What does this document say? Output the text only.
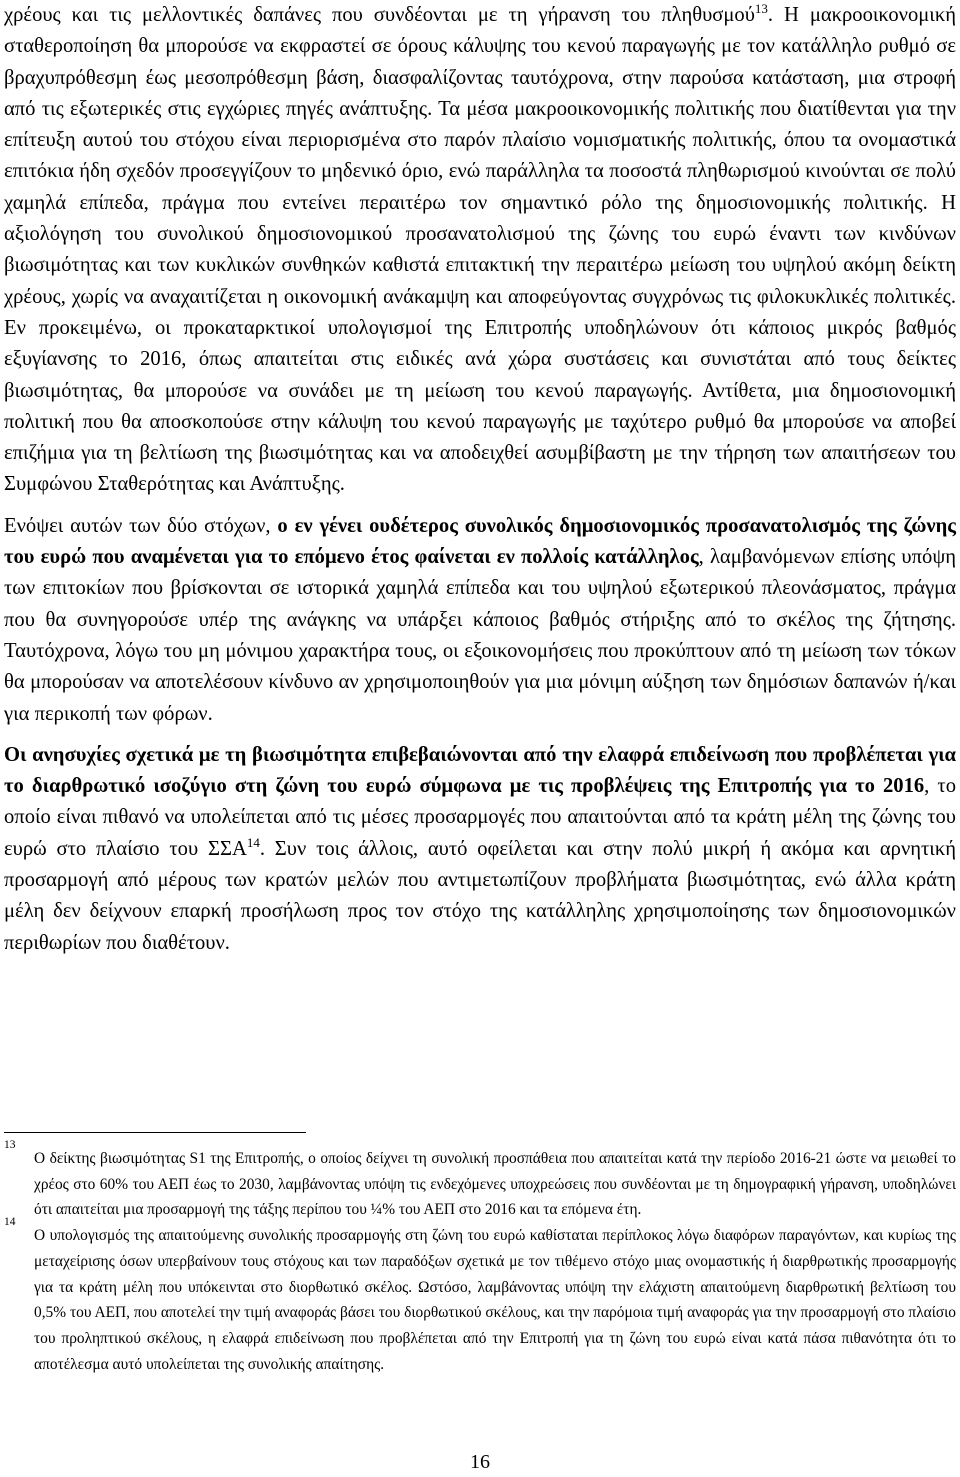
χρέους και τις μελλοντικές δαπάνες που συνδέονται με τη γήρανση του πληθυσμού$^{13}$. Η μακροοικονομική σταθεροποίηση θα μπορούσε να εκφραστεί σε όρους κάλυψης του κενού παραγωγής με τον κατάλληλο ρυθμό σε βραχυπρόθεσμη έως μεσοπρόθεσμη βάση, διασφαλίζοντας ταυτόχρονα, στην παρούσα κατάσταση, μια στροφή από τις εξωτερικές στις εγχώριες πηγές ανάπτυξης. Τα μέσα μακροοικονομικής πολιτικής που διατίθενται για την επίτευξη αυτού του στόχου είναι περιορισμένα στο παρόν πλαίσιο νομισματικής πολιτικής, όπου τα ονομαστικά επιτόκια ήδη σχεδόν προσεγγίζουν το μηδενικό όριο, ενώ παράλληλα τα ποσοστά πληθωρισμού κινούνται σε πολύ χαμηλά επίπεδα, πράγμα που εντείνει περαιτέρω τον σημαντικό ρόλο της δημοσιονομικής πολιτικής. Η αξιολόγηση του συνολικού δημοσιονομικού προσανατολισμού της ζώνης του ευρώ έναντι των κινδύνων βιωσιμότητας και των κυκλικών συνθηκών καθιστά επιτακτική την περαιτέρω μείωση του υψηλού ακόμη δείκτη χρέους, χωρίς να αναχαιτίζεται η οικονομική ανάκαμψη και αποφεύγοντας συγχρόνως τις φιλοκυκλικές πολιτικές. Εν προκειμένω, οι προκαταρκτικοί υπολογισμοί της Επιτροπής υποδηλώνουν ότι κάποιος μικρός βαθμός εξυγίανσης το 2016, όπως απαιτείται στις ειδικές ανά χώρα συστάσεις και συνιστάται από τους δείκτες βιωσιμότητας, θα μπορούσε να συνάδει με τη μείωση του κενού παραγωγής. Αντίθετα, μια δημοσιονομική πολιτική που θα αποσκοπούσε στην κάλυψη του κενού παραγωγής με ταχύτερο ρυθμό θα μπορούσε να αποβεί επιζήμια για τη βελτίωση της βιωσιμότητας και να αποδειχθεί ασυμβίβαστη με την τήρηση των απαιτήσεων του Συμφώνου Σταθερότητας και Ανάπτυξης.

Ενόψει αυτών των δύο στόχων, ο εν γένει ουδέτερος συνολικός δημοσιονομικός προσανατολισμός της ζώνης του ευρώ που αναμένεται για το επόμενο έτος φαίνεται εν πολλοίς κατάλληλος, λαμβανόμενων επίσης υπόψη των επιτοκίων που βρίσκονται σε ιστορικά χαμηλά επίπεδα και του υψηλού εξωτερικού πλεονάσματος, πράγμα που θα συνηγορούσε υπέρ της ανάγκης να υπάρξει κάποιος βαθμός στήριξης από το σκέλος της ζήτησης. Ταυτόχρονα, λόγω του μη μόνιμου χαρακτήρα τους, οι εξοικονομήσεις που προκύπτουν από τη μείωση των τόκων θα μπορούσαν να αποτελέσουν κίνδυνο αν χρησιμοποιηθούν για μια μόνιμη αύξηση των δημόσιων δαπανών ή/και για περικοπή των φόρων.

Οι ανησυχίες σχετικά με τη βιωσιμότητα επιβεβαιώνονται από την ελαφρά επιδείνωση που προβλέπεται για το διαρθρωτικό ισοζύγιο στη ζώνη του ευρώ σύμφωνα με τις προβλέψεις της Επιτροπής για το 2016, το οποίο είναι πιθανό να υπολείπεται από τις μέσες προσαρμογές που απαιτούνται από τα κράτη μέλη της ζώνης του ευρώ στο πλαίσιο του ΣΣΑ$^{14}$. Συν τοις άλλοις, αυτό οφείλεται και στην πολύ μικρή ή ακόμα και αρνητική προσαρμογή από μέρους των κρατών μελών που αντιμετωπίζουν προβλήματα βιωσιμότητας, ενώ άλλα κράτη μέλη δεν δείχνουν επαρκή προσήλωση προς τον στόχο της κατάλληλης χρησιμοποίησης των δημοσιονομικών περιθωρίων που διαθέτουν.

13
Ο δείκτης βιωσιμότητας S1 της Επιτροπής, ο οποίος δείχνει τη συνολική προσπάθεια που απαιτείται κατά την περίοδο 2016-21 ώστε να μειωθεί το χρέος στο 60% του ΑΕΠ έως το 2030, λαμβάνοντας υπόψη τις ενδεχόμενες υποχρεώσεις που συνδέονται με τη δημογραφική γήρανση, υποδηλώνει ότι απαιτείται μια προσαρμογή της τάξης περίπου του ¼% του ΑΕΠ στο 2016 και τα επόμενα έτη.
14
Ο υπολογισμός της απαιτούμενης συνολικής προσαρμογής στη ζώνη του ευρώ καθίσταται περίπλοκος λόγω διαφόρων παραγόντων, και κυρίως της μεταχείρισης όσων υπερβαίνουν τους στόχους και των παραδόξων σχετικά με τον τιθέμενο στόχο μιας ονομαστικής ή διαρθρωτικής προσαρμογής για τα κράτη μέλη που υπόκεινται στο διορθωτικό σκέλος. Ωστόσο, λαμβάνοντας υπόψη την ελάχιστη απαιτούμενη διαρθρωτική βελτίωση του 0,5% του ΑΕΠ, που αποτελεί την τιμή αναφοράς βάσει του διορθωτικού σκέλους, και την παρόμοια τιμή αναφοράς για την προσαρμογή στο πλαίσιο του προληπτικού σκέλους, η ελαφρά επιδείνωση που προβλέπεται από την Επιτροπή για τη ζώνη του ευρώ είναι κατά πάσα πιθανότητα ότι το αποτέλεσμα αυτό υπολείπεται της συνολικής απαίτησης.
16
